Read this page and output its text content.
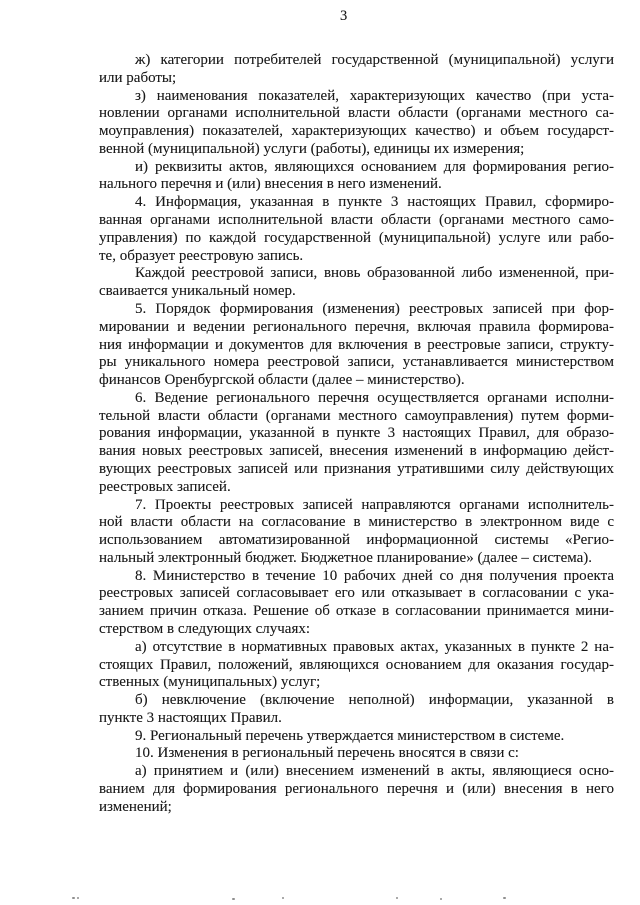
3
ж) категории потребителей государственной (муниципальной) услуги
или работы;
з) наименования показателей, характеризующих качество (при уста-
новлении органами исполнительной власти области (органами местного са-
моуправления) показателей, характеризующих качество) и объем государст-
венной (муниципальной) услуги (работы), единицы их измерения;
и) реквизиты актов, являющихся основанием для формирования регио-
нального перечня и (или) внесения в него изменений.
4. Информация, указанная в пункте 3 настоящих Правил, сформиро-
ванная органами исполнительной власти области (органами местного само-
управления) по каждой государственной (муниципальной) услуге или рабо-
те, образует реестровую запись.
Каждой реестровой записи, вновь образованной либо измененной, при-
сваивается уникальный номер.
5. Порядок формирования (изменения) реестровых записей при фор-
мировании и ведении регионального перечня, включая правила формирова-
ния информации и документов для включения в реестровые записи, структу-
ры уникального номера реестровой записи, устанавливается министерством
финансов Оренбургской области (далее – министерство).
6. Ведение регионального перечня осуществляется органами исполни-
тельной власти области (органами местного самоуправления) путем форми-
рования информации, указанной в пункте 3 настоящих Правил, для образо-
вания новых реестровых записей, внесения изменений в информацию дейст-
вующих реестровых записей или признания утратившими силу действующих
реестровых записей.
7. Проекты реестровых записей направляются органами исполнитель-
ной власти области на согласование в министерство в электронном виде с
использованием автоматизированной информационной системы «Регио-
нальный электронный бюджет. Бюджетное планирование» (далее – система).
8. Министерство в течение 10 рабочих дней со дня получения проекта
реестровых записей согласовывает его или отказывает в согласовании с ука-
занием причин отказа. Решение об отказе в согласовании принимается мини-
стерством в следующих случаях:
а) отсутствие в нормативных правовых актах, указанных в пункте 2 на-
стоящих Правил, положений, являющихся основанием для оказания государ-
ственных (муниципальных) услуг;
б) невключение (включение неполной) информации, указанной в
пункте 3 настоящих Правил.
9. Региональный перечень утверждается министерством в системе.
10. Изменения в региональный перечень вносятся в связи с:
а) принятием и (или) внесением изменений в акты, являющиеся осно-
ванием для формирования регионального перечня и (или) внесения в него
изменений;
